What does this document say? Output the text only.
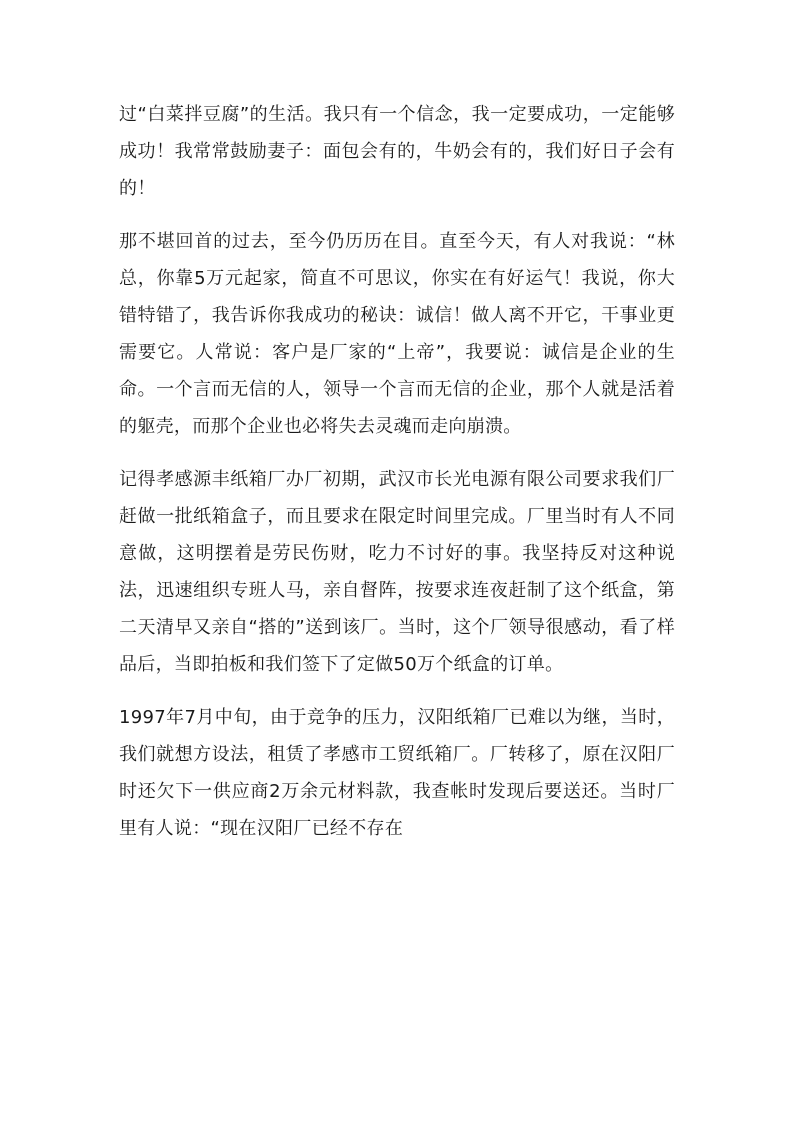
过“白菜拌豆腐”的生活。我只有一个信念，我一定要成功，一定能够成功！我常常鼓励妻子：面包会有的，牛奶会有的，我们好日子会有的！

那不堪回首的过去，至今仍历历在目。直至今天，有人对我说：“林总，你靠5万元起家，简直不可思议，你实在有好运气！我说，你大错特错了，我告诉你我成功的秘诀：诚信！做人离不开它，干事业更需要它。人常说：客户是厂家的“上帝”，我要说：诚信是企业的生命。一个言而无信的人，领导一个言而无信的企业，那个人就是活着的躯壳，而那个企业也必将失去灵魂而走向崩溃。

记得孝感源丰纸箱厂办厂初期，武汉市长光电源有限公司要求我们厂赶做一批纸箱盒子，而且要求在限定时间里完成。厂里当时有人不同意做，这明摆着是劳民伤财，吃力不讨好的事。我坚持反对这种说法，迅速组织专班人马，亲自督阵，按要求连夜赶制了这个纸盒，第二天清早又亲自“搭的”送到该厂。当时，这个厂领导很感动，看了样品后，当即拍板和我们签下了定做50万个纸盒的订单。

1997年7月中旬，由于竞争的压力，汉阳纸箱厂已难以为继，当时，我们就想方设法，租赁了孝感市工贸纸箱厂。厂转移了，原在汉阳厂时还欠下一供应商2万余元材料款，我查帐时发现后要送还。当时厂里有人说：“现在汉阳厂已经不存在
